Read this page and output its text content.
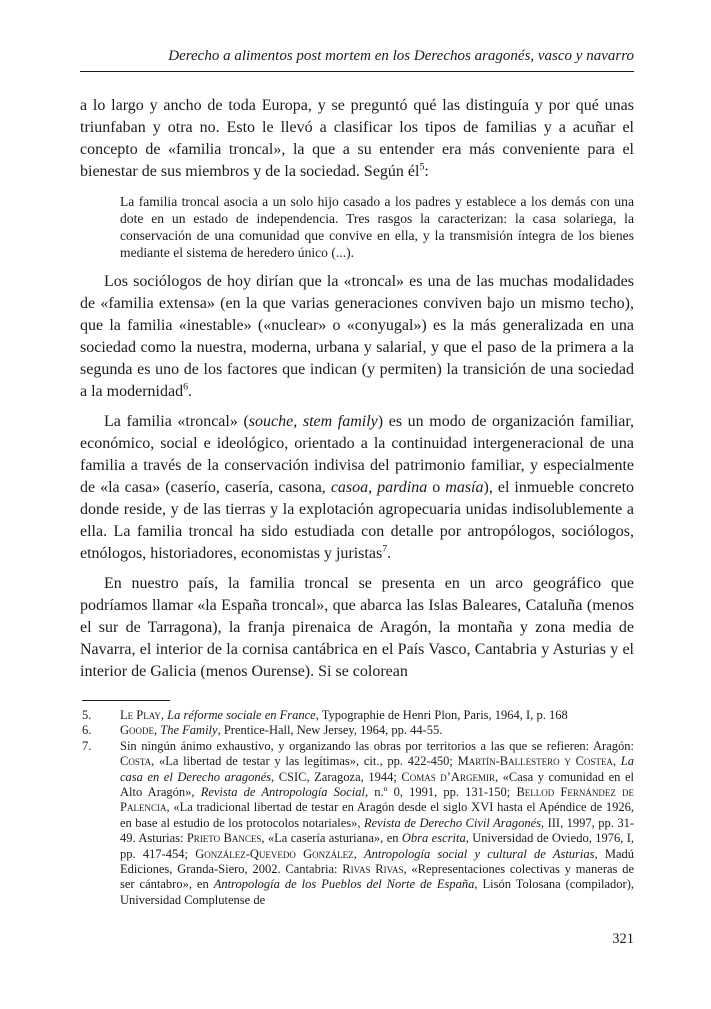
Derecho a alimentos post mortem en los Derechos aragonés, vasco y navarro

a lo largo y ancho de toda Europa, y se preguntó qué las distinguía y por qué unas triunfaban y otra no. Esto le llevó a clasificar los tipos de familias y a acuñar el concepto de «familia troncal», la que a su entender era más conveniente para el bienestar de sus miembros y de la sociedad. Según él$^5$:

La familia troncal asocia a un solo hijo casado a los padres y establece a los demás con una dote en un estado de independencia. Tres rasgos la caracterizan: la casa solariega, la conservación de una comunidad que convive en ella, y la transmisión íntegra de los bienes mediante el sistema de heredero único (...).

Los sociólogos de hoy dirían que la «troncal» es una de las muchas modalidades de «familia extensa» (en la que varias generaciones conviven bajo un mismo techo), que la familia «inestable» («nuclear» o «conyugal») es la más generalizada en una sociedad como la nuestra, moderna, urbana y salarial, y que el paso de la primera a la segunda es uno de los factores que indican (y permiten) la transición de una sociedad a la modernidad$^6$.

La familia «troncal» (souche, stem family) es un modo de organización familiar, económico, social e ideológico, orientado a la continuidad intergeneracional de una familia a través de la conservación indivisa del patrimonio familiar, y especialmente de «la casa» (caserío, casería, casona, casoa, pardina o masía), el inmueble concreto donde reside, y de las tierras y la explotación agropecuaria unidas indisolublemente a ella. La familia troncal ha sido estudiada con detalle por antropólogos, sociólogos, etnólogos, historiadores, economistas y juristas$^7$.

En nuestro país, la familia troncal se presenta en un arco geográfico que podríamos llamar «la España troncal», que abarca las Islas Baleares, Cataluña (menos el sur de Tarragona), la franja pirenaica de Aragón, la montaña y zona media de Navarra, el interior de la cornisa cantábrica en el País Vasco, Cantabria y Asturias y el interior de Galicia (menos Ourense). Si se colorean

5. Le Play, La réforme sociale en France, Typographie de Henri Plon, Paris, 1964, I, p. 168
6. Goode, The Family, Prentice-Hall, New Jersey, 1964, pp. 44-55.
7. Sin ningún ánimo exhaustivo, y organizando las obras por territorios a las que se refieren: Aragón: Costa, «La libertad de testar y las legítimas», cit., pp. 422-450; Martín-Ballestero y Costea, La casa en el Derecho aragonés, CSIC, Zaragoza, 1944; Comas d’Argemir, «Casa y comunidad en el Alto Aragón», Revista de Antropología Social, n.º 0, 1991, pp. 131-150; Bellod Fernández de Palencia, «La tradicional libertad de testar en Aragón desde el siglo XVI hasta el Apéndice de 1926, en base al estudio de los protocolos notariales», Revista de Derecho Civil Aragonés, III, 1997, pp. 31-49. Asturias: Prieto Bances, «La casería asturiana», en Obra escrita, Universidad de Oviedo, 1976, I, pp. 417-454; González-Quevedo González, Antropología social y cultural de Asturias, Madú Ediciones, Granda-Siero, 2002. Cantabria: Rivas Rivas, «Representaciones colectivas y maneras de ser cántabro», en Antropología de los Pueblos del Norte de España, Lisón Tolosana (compilador), Universidad Complutense de
321
